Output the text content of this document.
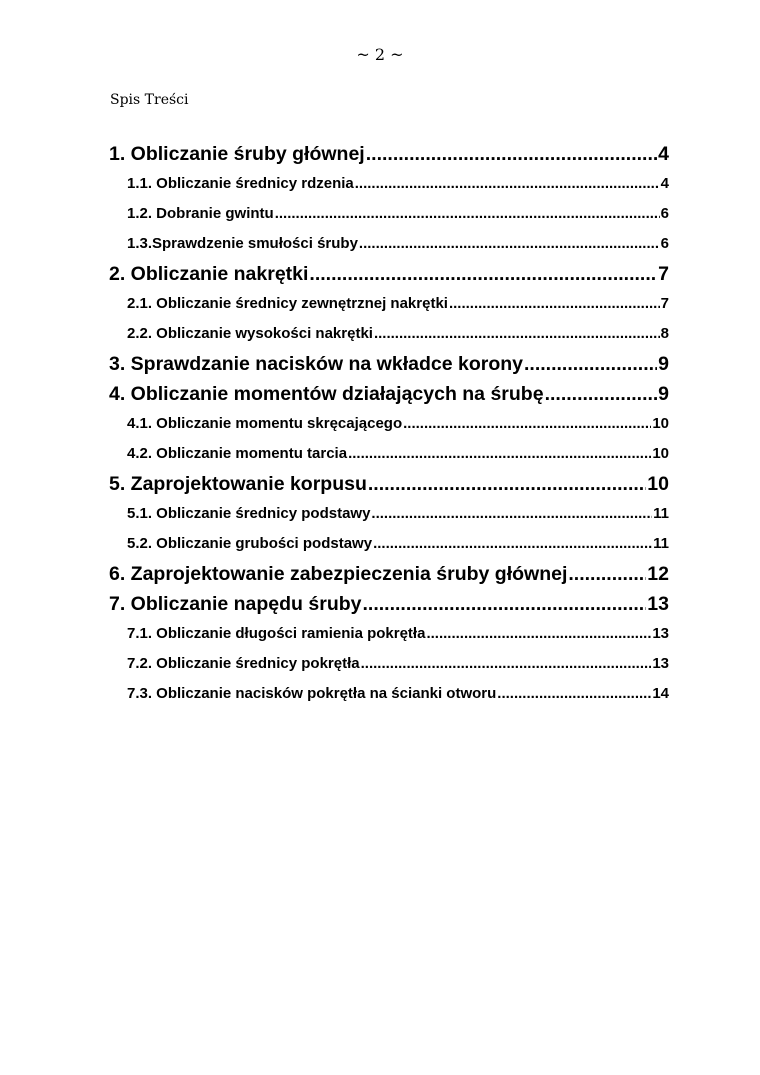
~ 2 ~
Spis Treści
1. Obliczanie śruby głównej .....	4
1.1. Obliczanie średnicy rdzenia .....	4
1.2. Dobranie gwintu .....	6
1.3.Sprawdzenie smułości śruby .....	6
2. Obliczanie nakrętki .....	7
2.1. Obliczanie średnicy zewnętrznej nakrętki .....	7
2.2. Obliczanie wysokości nakrętki .....	8
3. Sprawdzanie nacisków na wkładce korony .....	9
4. Obliczanie momentów działających na śrubę .....	9
4.1. Obliczanie momentu skręcającego .....	10
4.2. Obliczanie momentu tarcia .....	10
5. Zaprojektowanie korpusu .....	10
5.1. Obliczanie średnicy podstawy .....	11
5.2. Obliczanie grubości podstawy .....	11
6. Zaprojektowanie zabezpieczenia śruby głównej .....	12
7. Obliczanie napędu śruby .....	13
7.1. Obliczanie długości ramienia pokrętła .....	13
7.2. Obliczanie średnicy pokrętła .....	13
7.3. Obliczanie nacisków pokrętła na ścianki otworu .....	14
